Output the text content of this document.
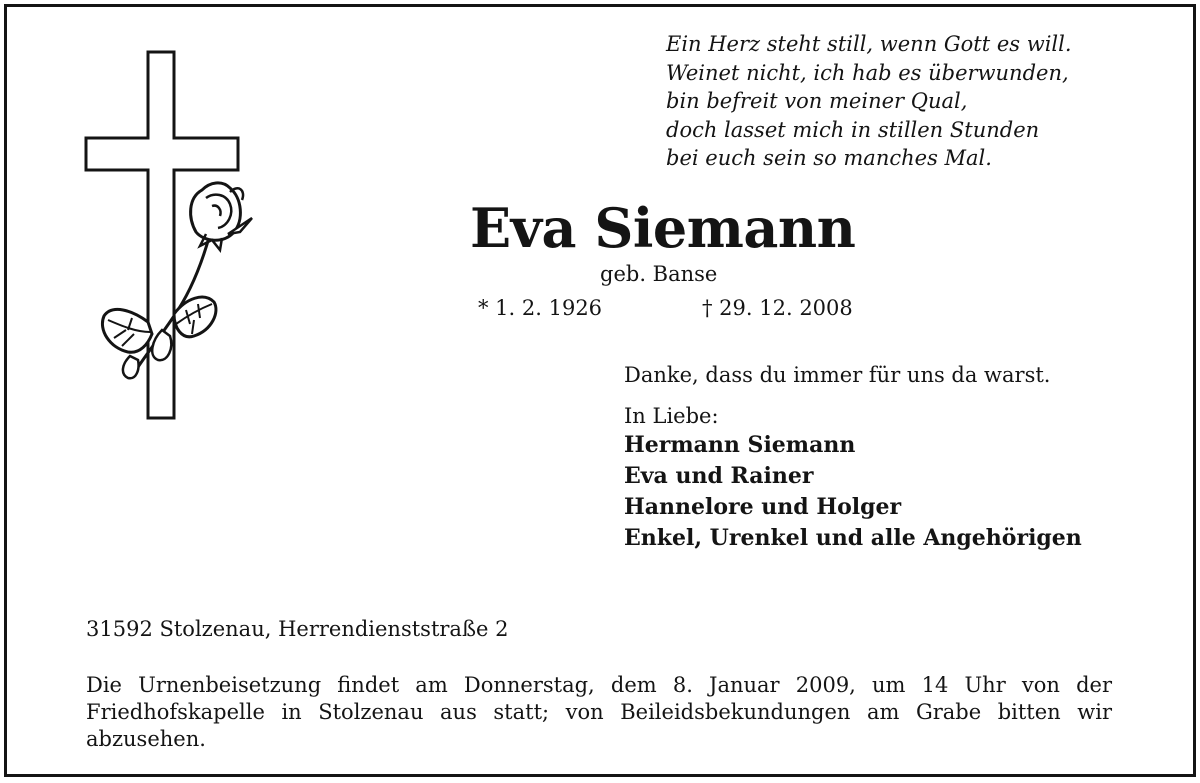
Ein Herz steht still, wenn Gott es will.
Weinet nicht, ich hab es überwunden,
bin befreit von meiner Qual,
doch lasset mich in stillen Stunden
bei euch sein so manches Mal.
Eva Siemann
geb. Banse
* 1. 2. 1926	† 29. 12. 2008
Danke, dass du immer für uns da warst.
In Liebe:
Hermann Siemann
Eva und Rainer
Hannelore und Holger
Enkel, Urenkel und alle Angehörigen
31592 Stolzenau, Herrendienststraße 2
Die Urnenbeisetzung findet am Donnerstag, dem 8. Januar 2009, um 14 Uhr von der Friedhofskapelle in Stolzenau aus statt; von Beileidsbekundungen am Grabe bitten wir abzusehen.
